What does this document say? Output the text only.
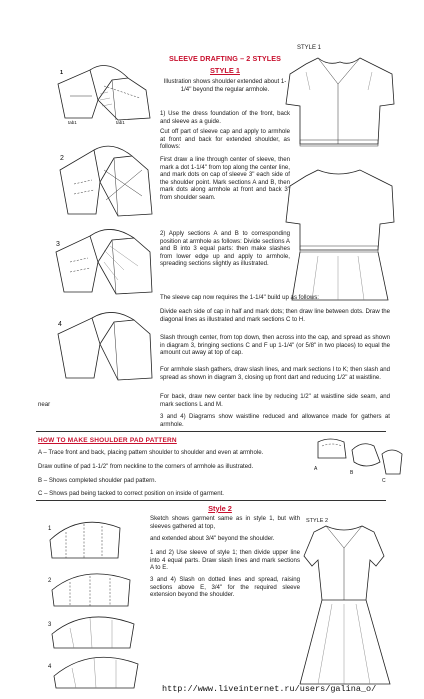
SLEEVE DRAFTING – 2 STYLES
STYLE 1
STYLE 1
Illustration shows shoulder extended about 1-1/4" beyond the regular armhole.
1) Use the dress foundation of the front, back and sleeve as a guide.
Cut off part of sleeve cap and apply to armhole at front and back for extended shoulder, as follows:
First draw a line through center of sleeve, then mark a dot 1-1/4" from top along the center line, and mark dots on cap of sleeve 3" each side of the shoulder point. Mark sections A and B, then mark dots along armhole at front and back 3" from shoulder seam.
2) Apply sections A and B to corresponding position at armhole as follows: Divide sections A and B into 3 equal parts: then make slashes from lower edge up and apply to armhole, spreading sections slightly as illustrated.
The sleeve cap now requires the 1-1/4" build up as follows:
Divide each side of cap in half and mark dots; then draw line between dots. Draw the diagonal lines as illustrated and mark sections C to H.
Slash through center, from top down, then across into the cap, and spread as shown in diagram 3, bringing sections C and F up 1-1/4" (or 5/8" in two places) to equal the amount cut away at top of cap.
For armhole slash gathers, draw slash lines, and mark sections I to K; then slash and spread as shown in diagram 3, closing up front dart and reducing 1/2" at waistline.
For back, draw new center back line by reducing 1/2" at waistline side seam, and mark sections L and M.
near
3 and 4) Diagrams show waistline reduced and allowance made for gathers at armhole.
HOW TO MAKE SHOULDER PAD PATTERN
A – Trace front and back, placing pattern shoulder to shoulder and even at armhole.
Draw outline of pad 1-1/2" from neckline to the corners of armhole as illustrated.
B – Shows completed shoulder pad pattern.
C – Shows pad being tacked to correct position on inside of garment.
Style 2
STYLE 2
Sketch shows garment same as in style 1, but with sleeves gathered at top,
and extended about 3/4" beyond the shoulder.
1 and 2) Use sleeve of style 1; then divide upper line into 4 equal parts. Draw slash lines and mark sections A to E.
3 and 4) Slash on dotted lines and spread, raising sections above E, 3/4" for the required sleeve extension beyond the shoulder.
http://www.liveinternet.ru/users/galina_o/
1
tab1	tab1
2
3
4
A
B
C
1
2
3
4
